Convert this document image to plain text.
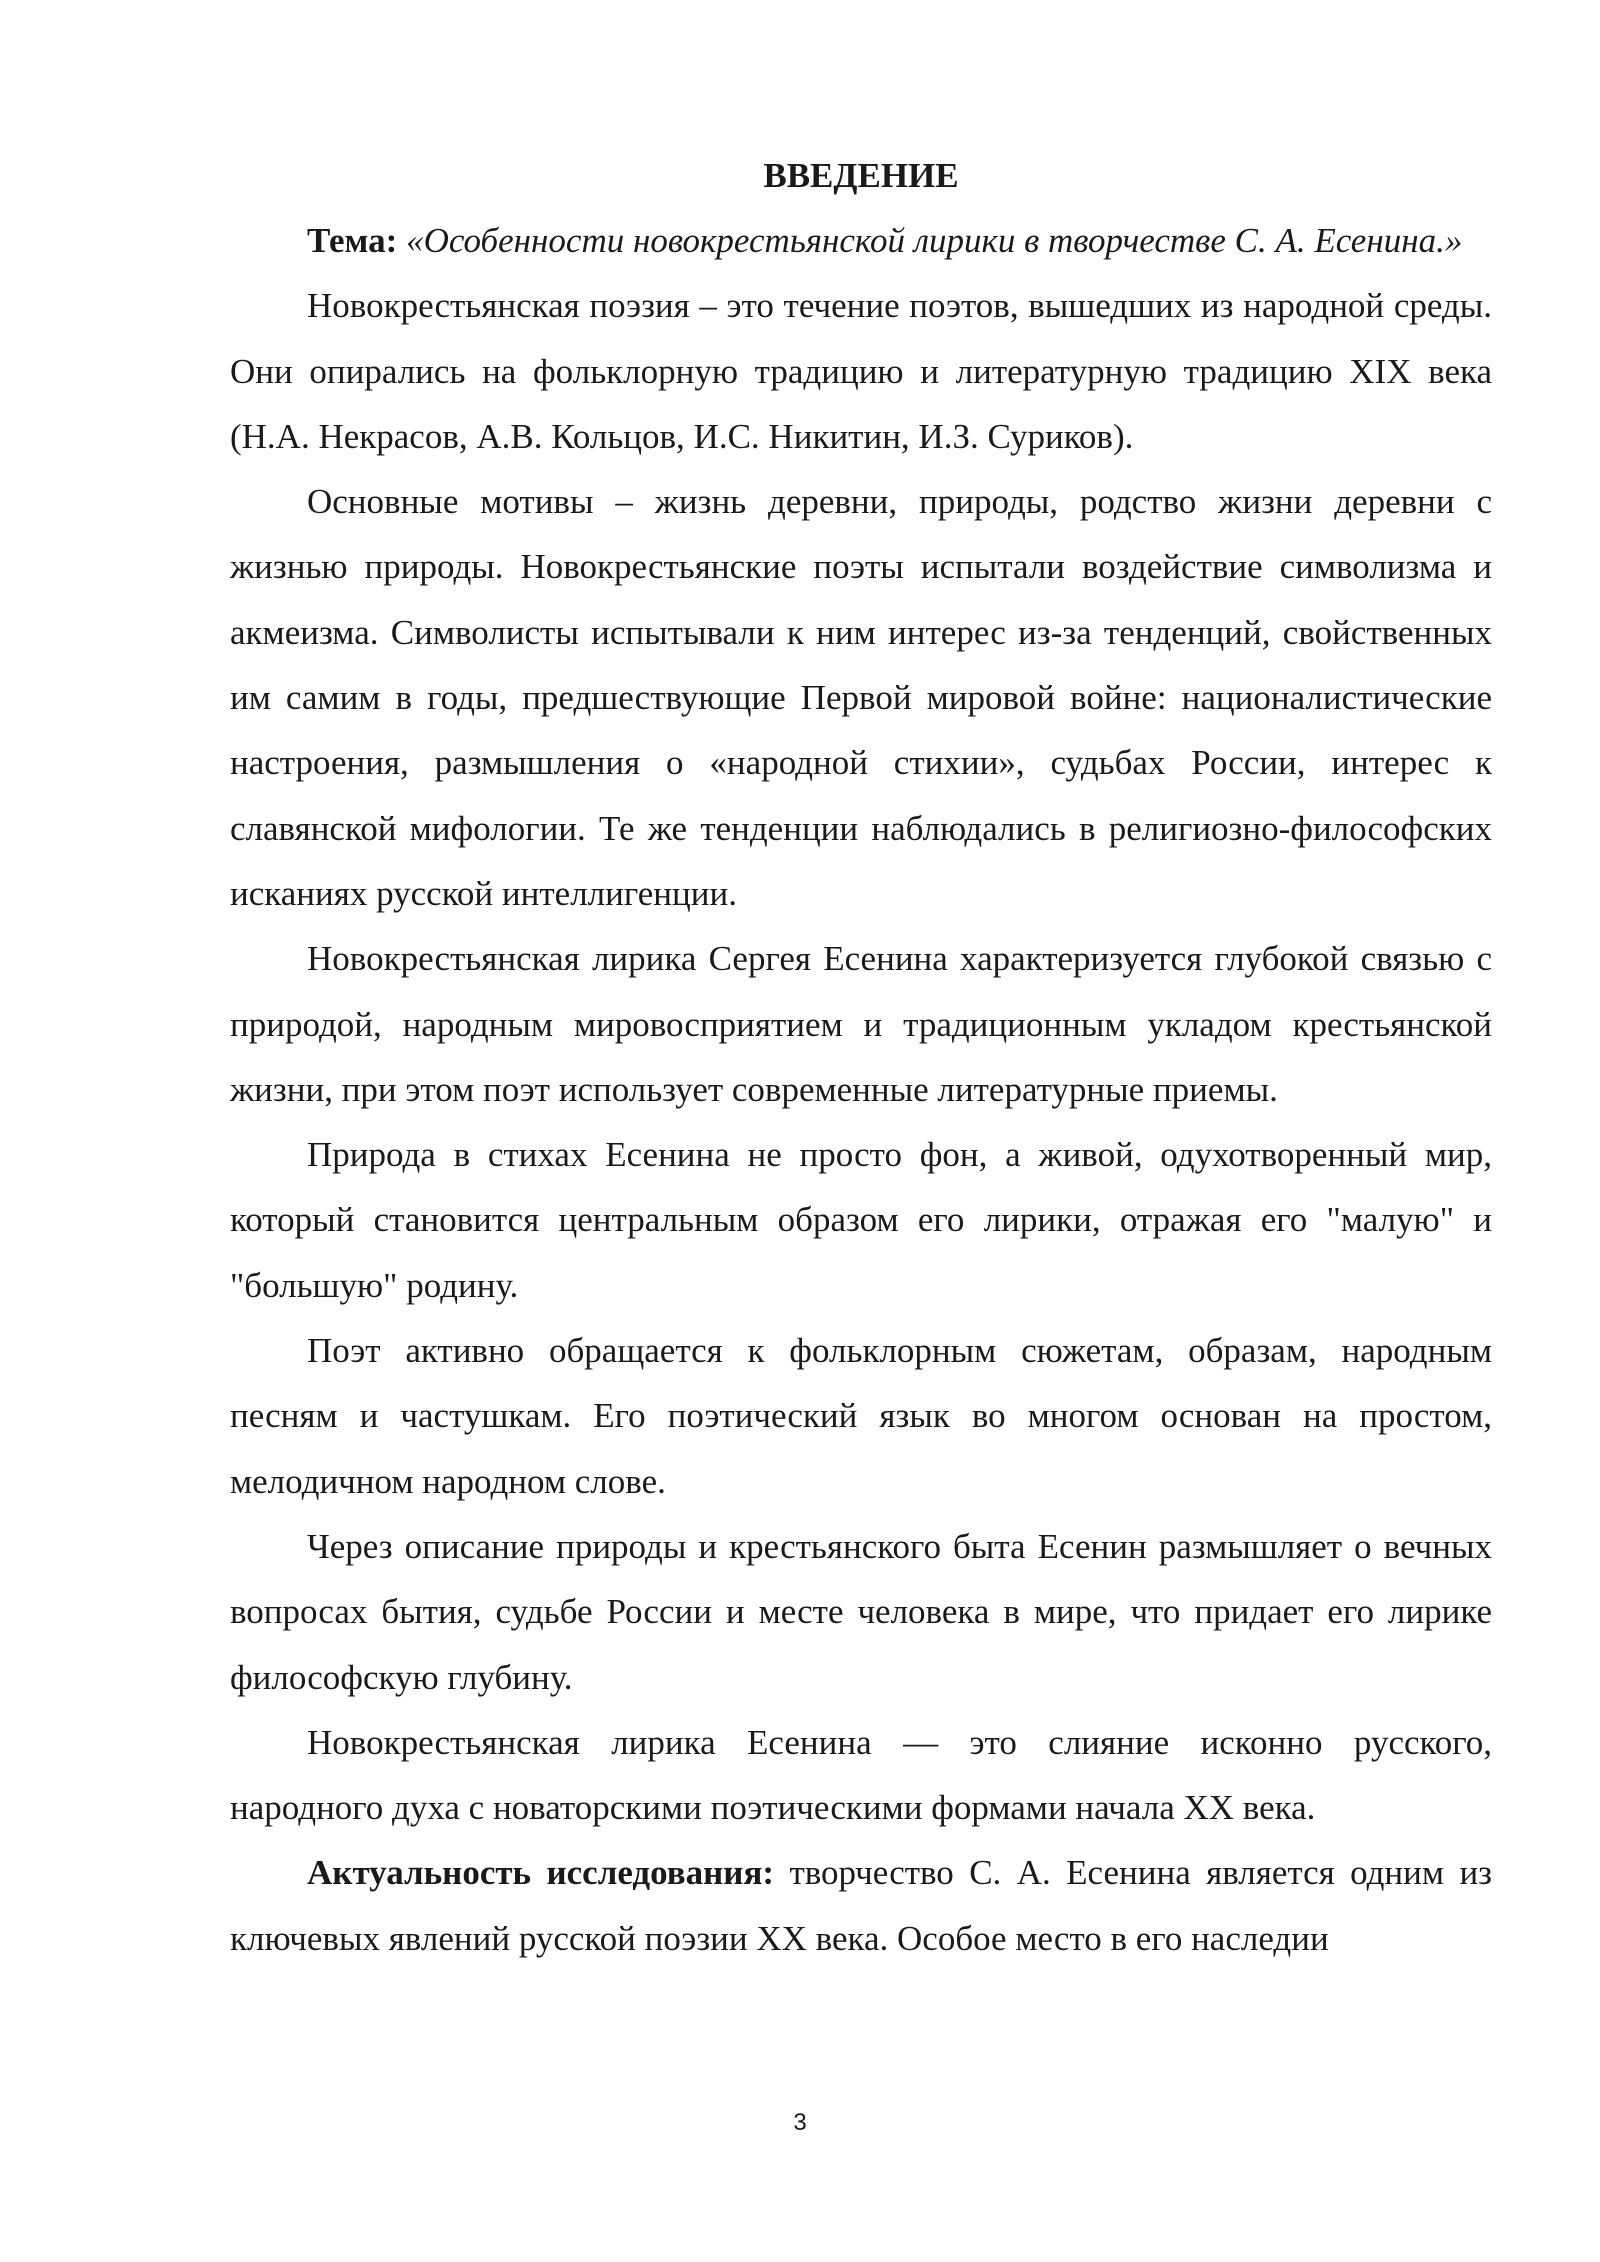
ВВЕДЕНИЕ

Тема: «Особенности новокрестьянской лирики в творчестве С. А. Есенина.»

Новокрестьянская поэзия – это течение поэтов, вышедших из народной среды. Они опирались на фольклорную традицию и литературную традицию XIX века (Н.А. Некрасов, А.В. Кольцов, И.С. Никитин, И.З. Суриков).

Основные мотивы – жизнь деревни, природы, родство жизни деревни с жизнью природы. Новокрестьянские поэты испытали воздействие символизма и акмеизма. Символисты испытывали к ним интерес из-за тенденций, свойственных им самим в годы, предшествующие Первой мировой войне: националистические настроения, размышления о «народной стихии», судьбах России, интерес к славянской мифологии. Те же тенденции наблюдались в религиозно-философских исканиях русской интеллигенции.

Новокрестьянская лирика Сергея Есенина характеризуется глубокой связью с природой, народным мировосприятием и традиционным укладом крестьянской жизни, при этом поэт использует современные литературные приемы.

Природа в стихах Есенина не просто фон, а живой, одухотворенный мир, который становится центральным образом его лирики, отражая его "малую" и "большую" родину.

Поэт активно обращается к фольклорным сюжетам, образам, народным песням и частушкам. Его поэтический язык во многом основан на простом, мелодичном народном слове.

Через описание природы и крестьянского быта Есенин размышляет о вечных вопросах бытия, судьбе России и месте человека в мире, что придает его лирике философскую глубину.

Новокрестьянская лирика Есенина — это слияние исконно русского, народного духа с новаторскими поэтическими формами начала XX века.

Актуальность исследования: творчество С. А. Есенина является одним из ключевых явлений русской поэзии XX века. Особое место в его наследии

3
